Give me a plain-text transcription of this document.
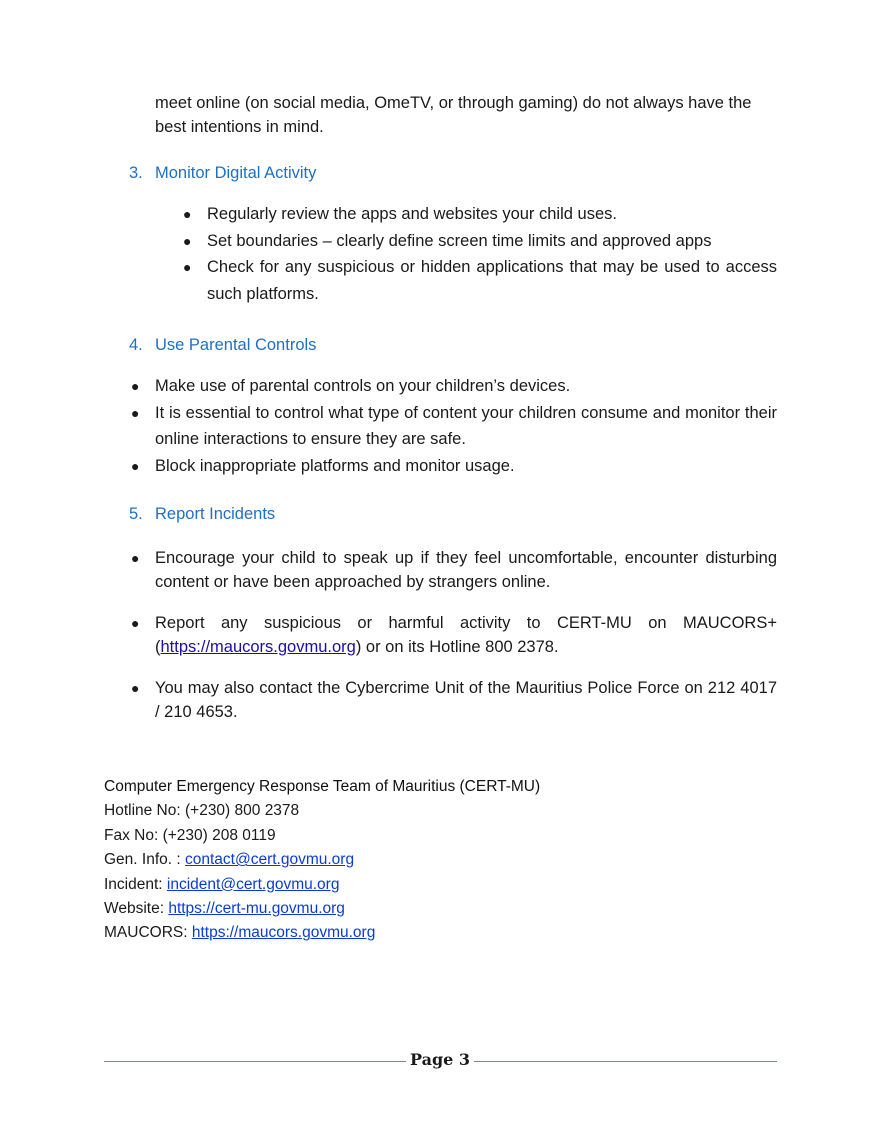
meet online (on social media, OmeTV, or through gaming) do not always have the

best intentions in mind.

3. Monitor Digital Activity
● Regularly review the apps and websites your child uses.
● Set boundaries – clearly define screen time limits and approved apps
● Check for any suspicious or hidden applications that may be used to access such platforms.
4. Use Parental Controls
● Make use of parental controls on your children’s devices.
● It is essential to control what type of content your children consume and monitor their online interactions to ensure they are safe.
● Block inappropriate platforms and monitor usage.
5. Report Incidents
● Encourage your child to speak up if they feel uncomfortable, encounter disturbing content or have been approached by strangers online.
● Report any suspicious or harmful activity to CERT-MU on MAUCORS+ (https://maucors.govmu.org) or on its Hotline 800 2378.
● You may also contact the Cybercrime Unit of the Mauritius Police Force on 212 4017 / 210 4653.
Computer Emergency Response Team of Mauritius (CERT-MU)
Hotline No: (+230) 800 2378
Fax No: (+230) 208 0119
Gen. Info. : contact@cert.govmu.org
Incident: incident@cert.govmu.org
Website: https://cert-mu.govmu.org
MAUCORS: https://maucors.govmu.org
Page 3
